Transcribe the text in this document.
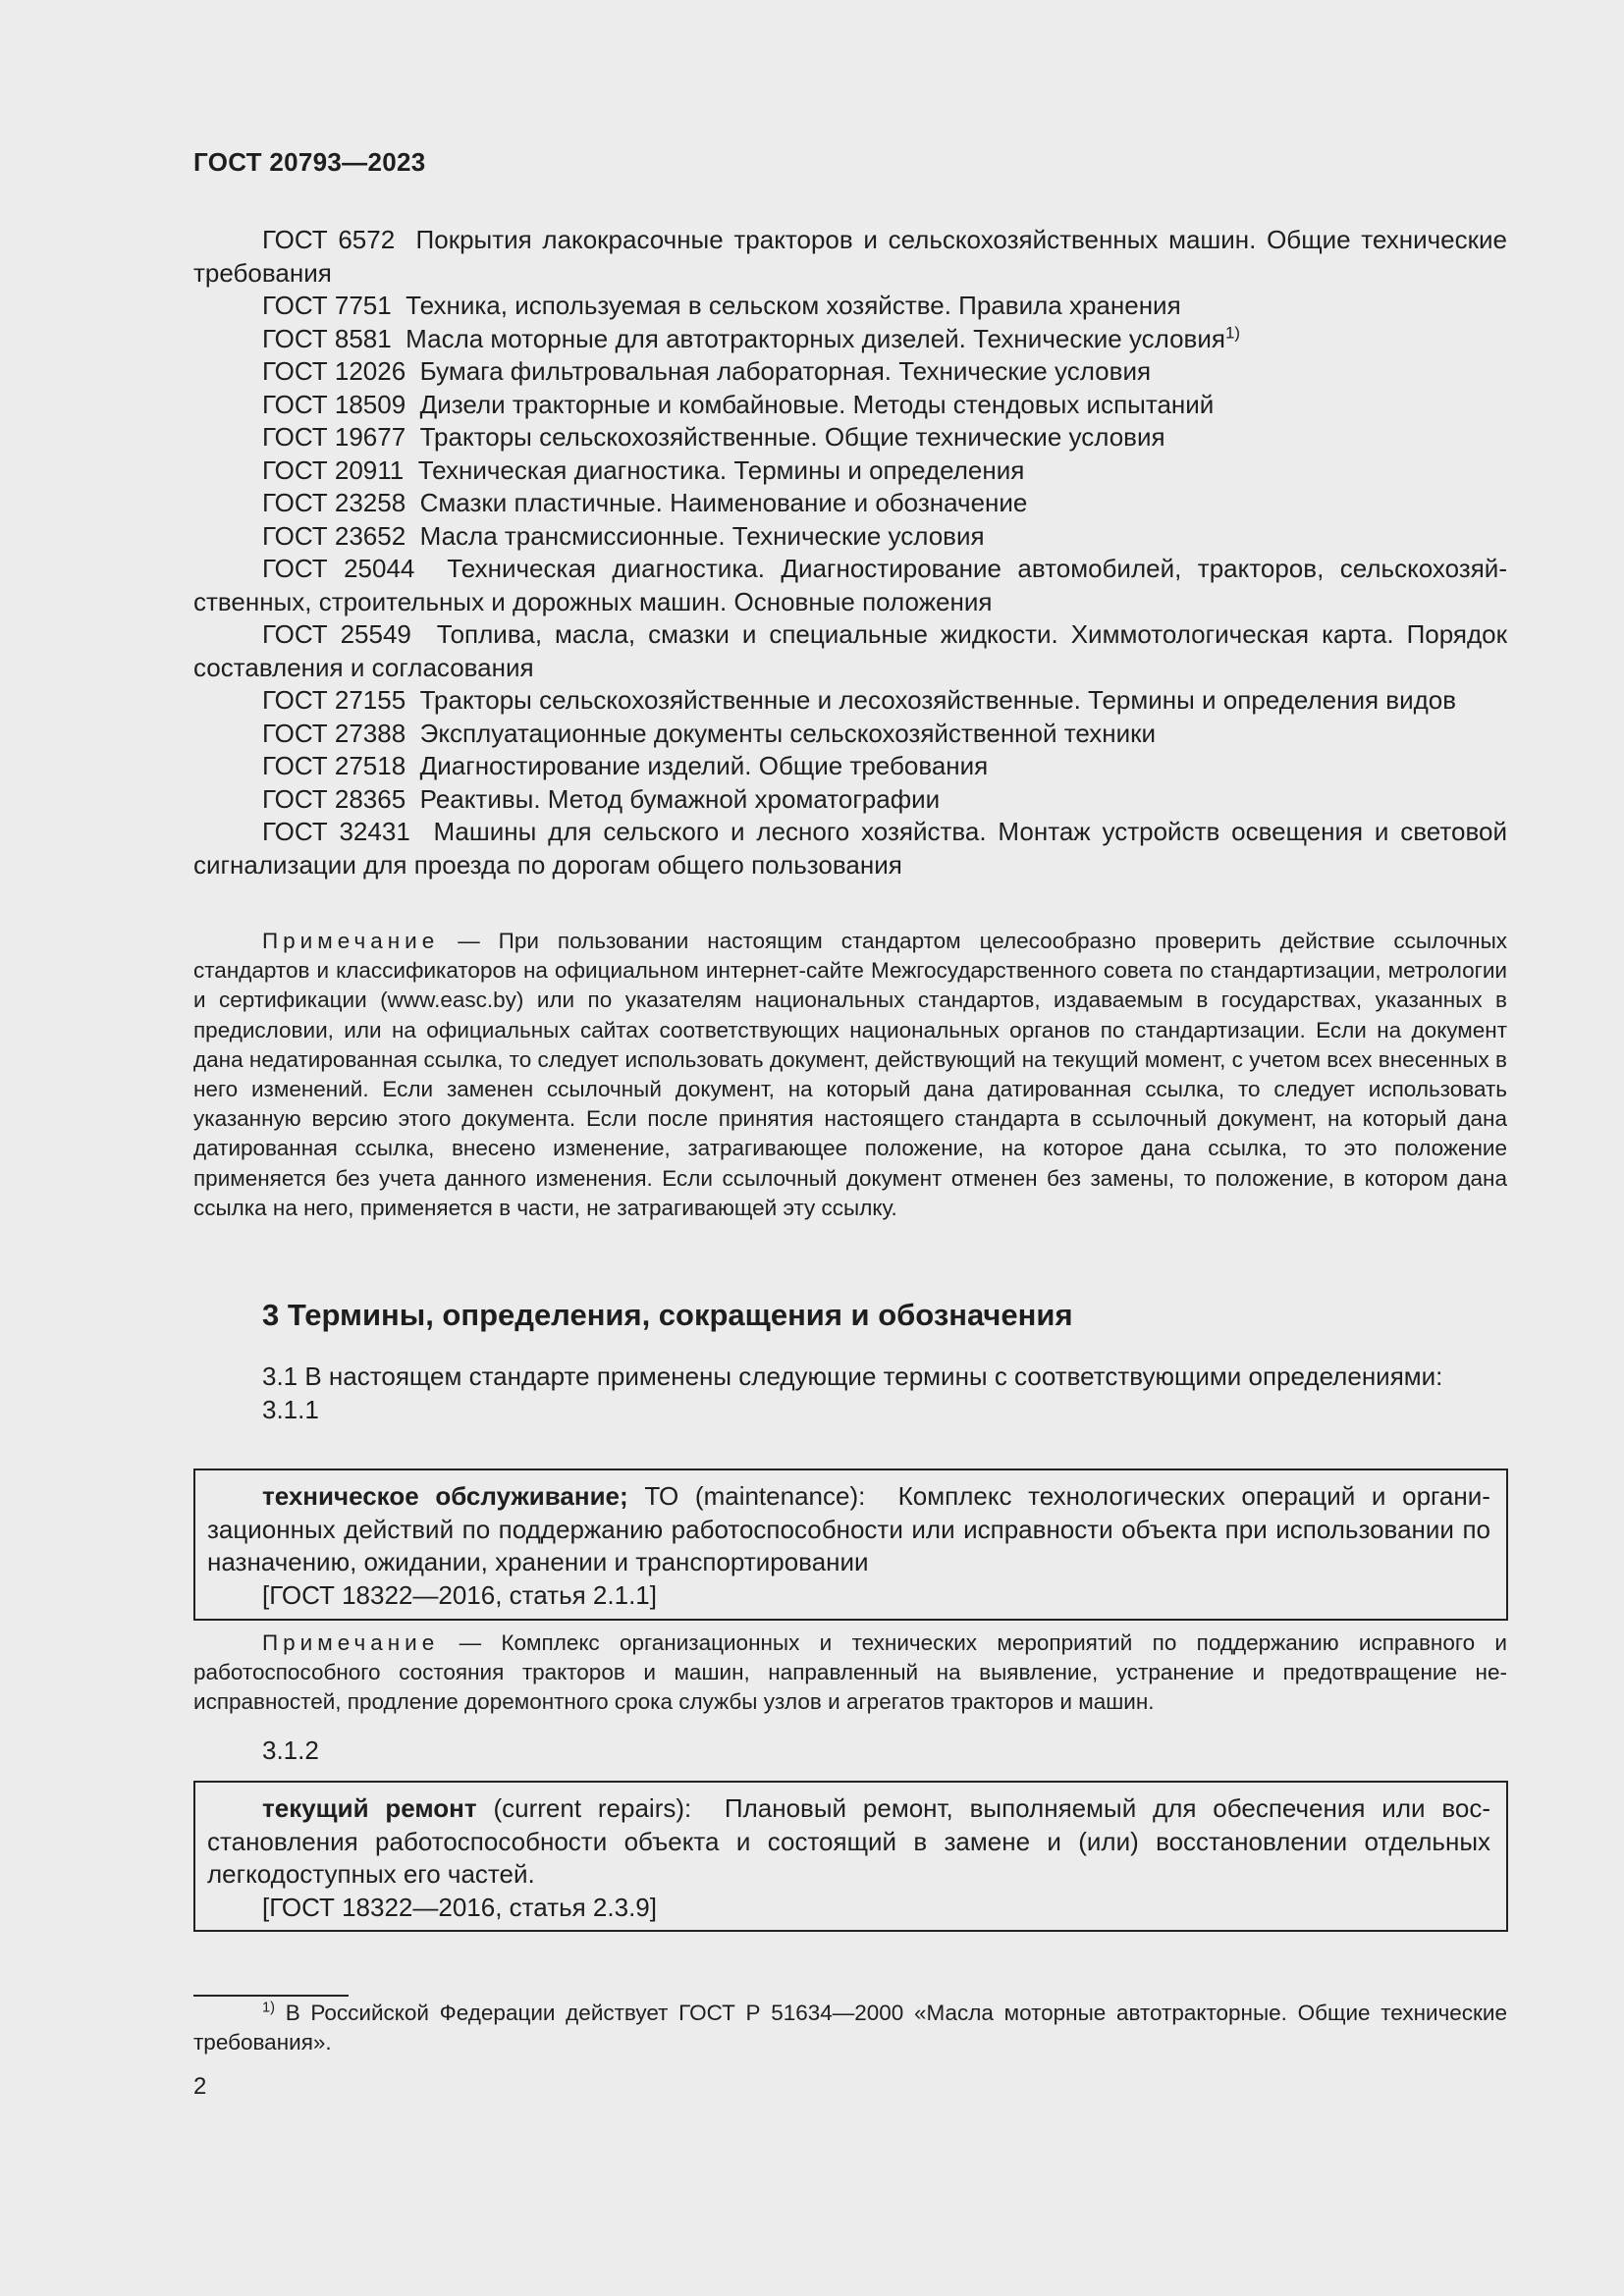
ГОСТ 20793—2023

ГОСТ 6572 Покрытия лакокрасочные тракторов и сельскохозяйственных машин. Общие технические требования

ГОСТ 7751 Техника, используемая в сельском хозяйстве. Правила хранения

ГОСТ 8581 Масла моторные для автотракторных дизелей. Технические условия$^{1)}$

ГОСТ 12026 Бумага фильтровальная лабораторная. Технические условия

ГОСТ 18509 Дизели тракторные и комбайновые. Методы стендовых испытаний

ГОСТ 19677 Тракторы сельскохозяйственные. Общие технические условия

ГОСТ 20911 Техническая диагностика. Термины и определения

ГОСТ 23258 Смазки пластичные. Наименование и обозначение

ГОСТ 23652 Масла трансмиссионные. Технические условия

ГОСТ 25044 Техническая диагностика. Диагностирование автомобилей, тракторов, сельскохозяйственных, строительных и дорожных машин. Основные положения

ГОСТ 25549 Топлива, масла, смазки и специальные жидкости. Химмотологическая карта. Порядок составления и согласования

ГОСТ 27155 Тракторы сельскохозяйственные и лесохозяйственные. Термины и определения видов

ГОСТ 27388 Эксплуатационные документы сельскохозяйственной техники

ГОСТ 27518 Диагностирование изделий. Общие требования

ГОСТ 28365 Реактивы. Метод бумажной хроматографии

ГОСТ 32431 Машины для сельского и лесного хозяйства. Монтаж устройств освещения и световой сигнализации для проезда по дорогам общего пользования

Примечание — При пользовании настоящим стандартом целесообразно проверить действие ссылочных стандартов и классификаторов на официальном интернет-сайте Межгосударственного совета по стандартизации, метрологии и сертификации (www.easc.by) или по указателям национальных стандартов, издаваемым в государствах, указанных в предисловии, или на официальных сайтах соответствующих национальных органов по стандартизации. Если на документ дана недатированная ссылка, то следует использовать документ, действующий на текущий момент, с учетом всех внесенных в него изменений. Если заменен ссылочный документ, на который дана датированная ссылка, то следует использовать указанную версию этого документа. Если после принятия настоящего стандарта в ссылочный документ, на который дана датированная ссылка, внесено изменение, затрагивающее положение, на которое дана ссылка, то это положение применяется без учета данного изменения. Если ссылочный документ отменен без замены, то положение, в котором дана ссылка на него, применяется в части, не затрагивающей эту ссылку.

3 Термины, определения, сокращения и обозначения

3.1 В настоящем стандарте применены следующие термины с соответствующими определениями:

3.1.1

техническое обслуживание; ТО (maintenance): Комплекс технологических операций и организационных действий по поддержанию работоспособности или исправности объекта при использовании по назначению, ожидании, хранении и транспортировании

[ГОСТ 18322—2016, статья 2.1.1]

Примечание — Комплекс организационных и технических мероприятий по поддержанию исправного и работоспособного состояния тракторов и машин, направленный на выявление, устранение и предотвращение неисправностей, продление доремонтного срока службы узлов и агрегатов тракторов и машин.

3.1.2

текущий ремонт (current repairs): Плановый ремонт, выполняемый для обеспечения или восстановления работоспособности объекта и состоящий в замене и (или) восстановлении отдельных легкодоступных его частей.

[ГОСТ 18322—2016, статья 2.3.9]

$^{1)}$ В Российской Федерации действует ГОСТ Р 51634—2000 «Масла моторные автотракторные. Общие технические требования».

2
